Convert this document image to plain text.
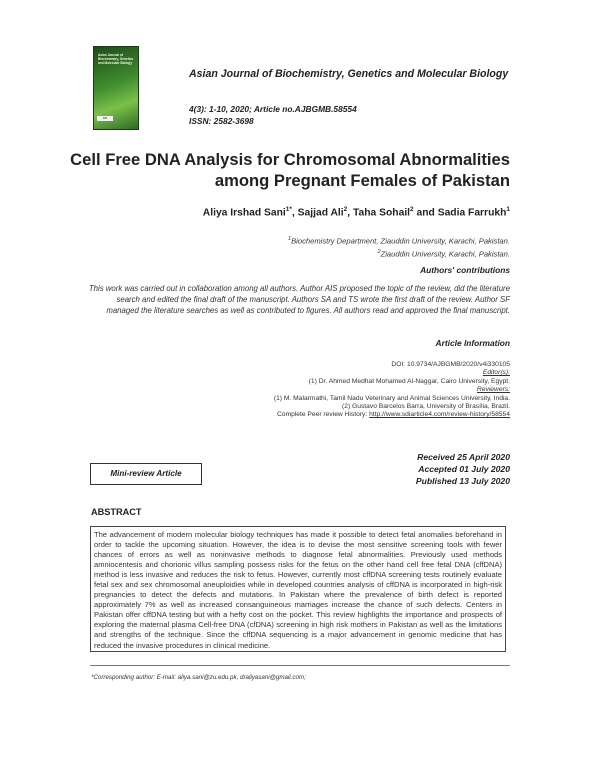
Asian Journal of Biochemistry, Genetics and Molecular Biology
SD
Asian Journal of Biochemistry, Genetics and Molecular Biology
4(3): 1-10, 2020; Article no.AJBGMB.58554
ISSN: 2582-3698
Cell Free DNA Analysis for Chromosomal Abnormalities among Pregnant Females of Pakistan
Aliya Irshad Sani$^{1*}$, Sajjad Ali$^2$, Taha Sohail$^2$ and Sadia Farrukh$^1$
$^1$Biochemistry Department, Ziauddin University, Karachi, Pakistan.
$^2$Ziauddin University, Karachi, Pakistan.
Authors' contributions
This work was carried out in collaboration among all authors. Author AIS proposed the topic of the review, did the literature search and edited the final draft of the manuscript. Authors SA and TS wrote the first draft of the review. Author SF managed the literature searches as well as contributed to figures. All authors read and approved the final manuscript.
Article Information
DOI: 10.9734/AJBGMB/2020/v4i330105
Editor(s):
(1) Dr. Ahmed Medhat Mohamed Al-Naggar, Cairo University, Egypt.
Reviewers:
(1) M. Malarmathi, Tamil Nadu Veterinary and Animal Sciences University, India.
(2) Gustavo Barcelos Barra, University of Brasília, Brazil.
Complete Peer review History: http://www.sdiarticle4.com/review-history/58554
Mini-review Article
Received 25 April 2020
Accepted 01 July 2020
Published 13 July 2020
ABSTRACT

The advancement of modern molecular biology techniques has made it possible to detect fetal anomalies beforehand in order to tackle the upcoming situation. However, the idea is to devise the most sensitive screening tools with fewer chances of errors as well as noninvasive methods to diagnose fetal abnormalities. Previously used methods amniocentesis and chorionic villus sampling possess risks for the fetus on the other hand cell free fetal DNA (cffDNA) method is less invasive and reduces the risk to fetus. However, currently most cffDNA screening tests routinely evaluate fetal sex and sex chromosomal aneuploidies while in developed countries analysis of cffDNA is incorporated in high-risk pregnancies to detect the defects and mutations. In Pakistan where the prevalence of birth defect is reported approximately 7% as well as increased consanguineous marriages increase the chance of such defects. Centers in Pakistan offer cffDNA testing but with a hefty cost on the pocket. This review highlights the importance and prospects of exploring the maternal plasma Cell-free DNA (cfDNA) screening in high risk mothers in Pakistan as well as the limitations and strengths of the technique. Since the cffDNA sequencing is a major advancement in genomic medicine that has reduced the invasive procedures in clinical medicine.

*Corresponding author: E-mail: aliya.sani@zu.edu.pk, draliyasani@gmail.com;
